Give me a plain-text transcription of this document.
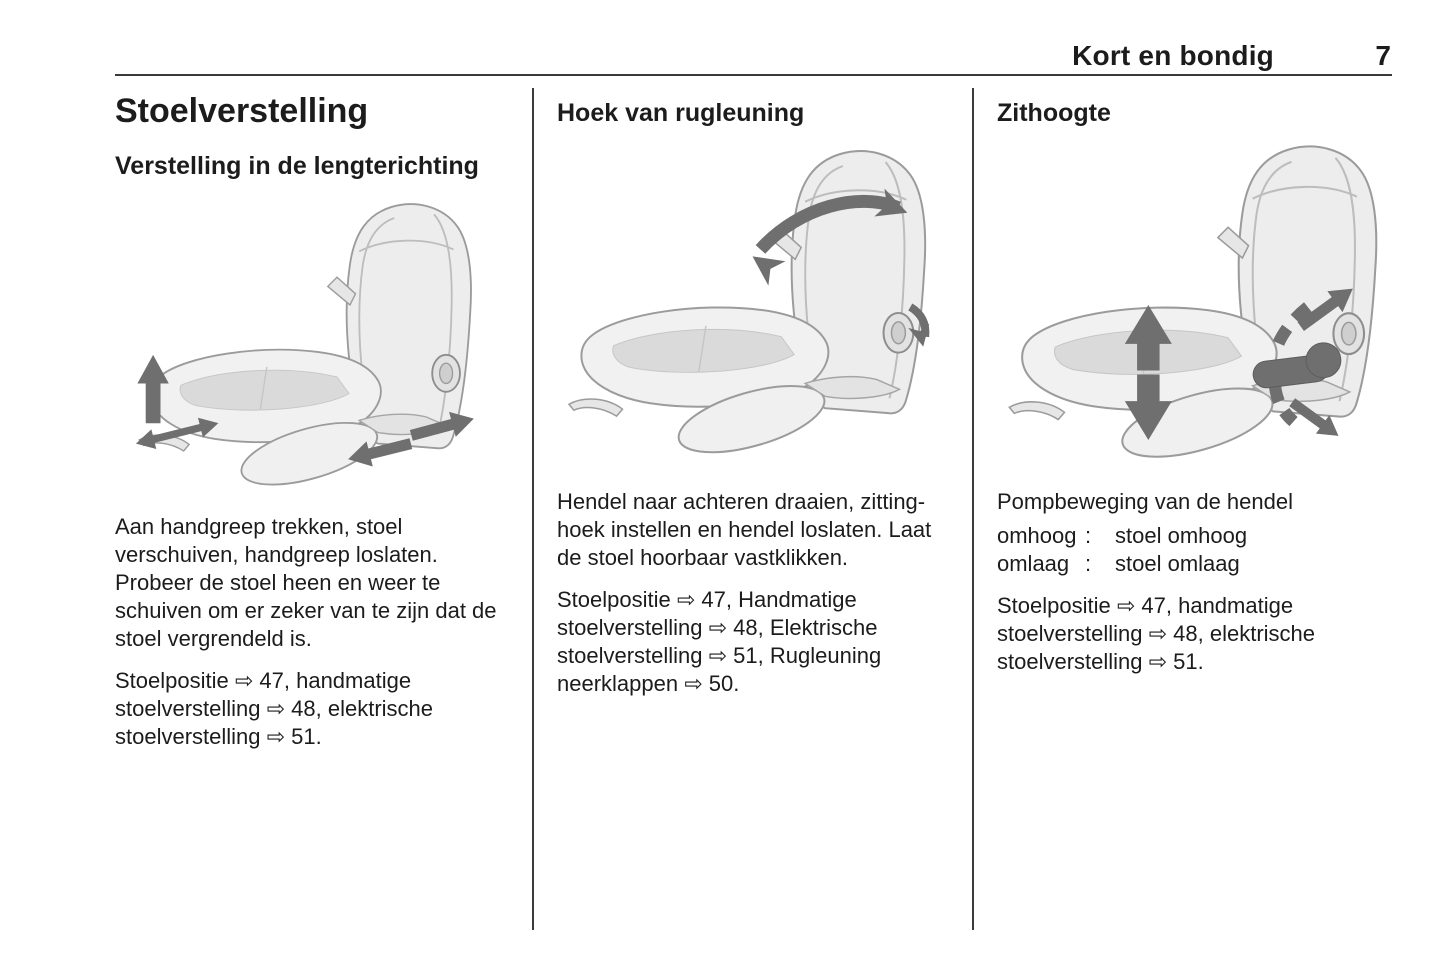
Kort en bondig	7
Stoelverstelling
Verstelling in de lengterichting

Aan handgreep trekken, stoel verschuiven, handgreep loslaten. Probeer de stoel heen en weer te schuiven om er zeker van te zijn dat de stoel vergrendeld is.

Stoelpositie ⇨ 47, handmatige stoelverstelling ⇨ 48, elektrische stoelverstelling ⇨ 51.

Hoek van rugleuning

Hendel naar achteren draaien, zitting-hoek instellen en hendel loslaten. Laat de stoel hoorbaar vastklikken.

Stoelpositie ⇨ 47, Handmatige stoelverstelling ⇨ 48, Elektrische stoelverstelling ⇨ 51, Rugleuning neerklappen ⇨ 50.

Zithoogte

Pompbeweging van de hendel

omhoog :	stoel omhoog
omlaag :	stoel omlaag

Stoelpositie ⇨ 47, handmatige stoelverstelling ⇨ 48, elektrische stoelverstelling ⇨ 51.
